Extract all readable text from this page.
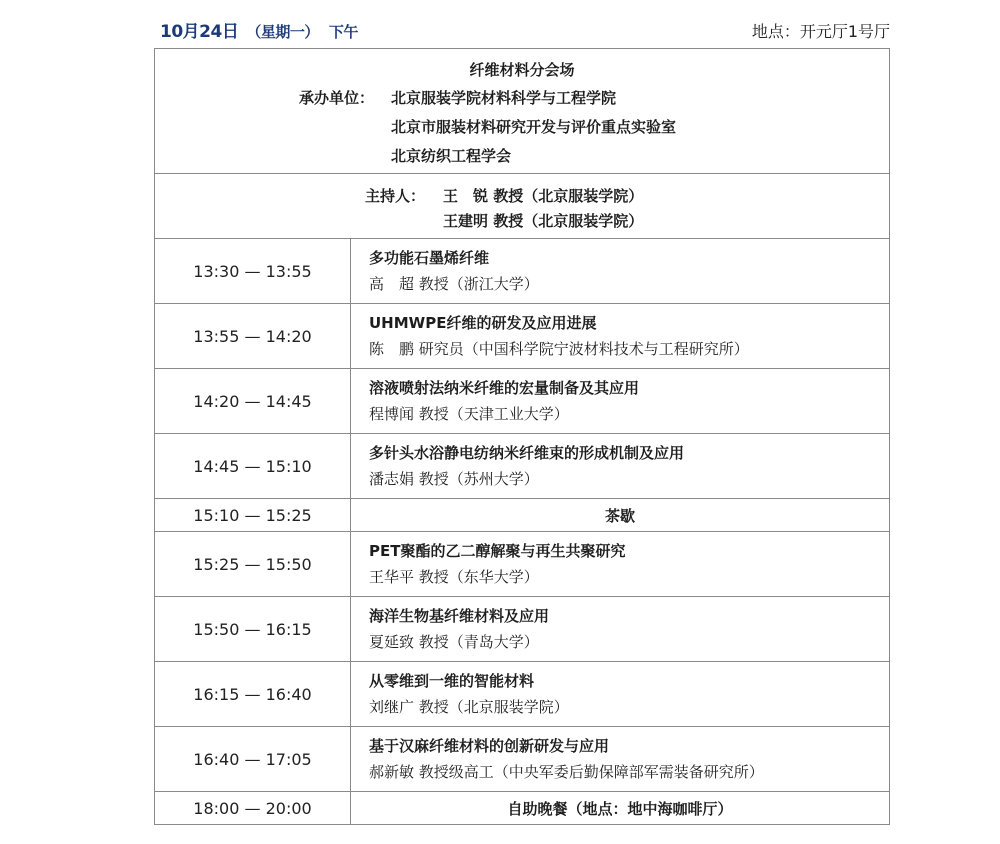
10月24日 （星期一） 下午	地点：开元厅1号厅
纤维材料分会场
承办单位： 北京服装学院材料科学与工程学院
北京市服装材料研究开发与评价重点实验室
北京纺织工程学会	

主持人： 王　锐 教授（北京服装学院）
王建明 教授（北京服装学院）	

13:30 — 13:55	多功能石墨烯纤维
高　超 教授（浙江大学）

13:55 — 14:20	UHMWPE纤维的研发及应用进展
陈　鹏 研究员（中国科学院宁波材料技术与工程研究所）

14:20 — 14:45	溶液喷射法纳米纤维的宏量制备及其应用
程博闻 教授（天津工业大学）

14:45 — 15:10	多针头水浴静电纺纳米纤维束的形成机制及应用
潘志娟 教授（苏州大学）

15:10 — 15:25	茶歇
15:25 — 15:50	PET聚酯的乙二醇解聚与再生共聚研究
王华平 教授（东华大学）

15:50 — 16:15	海洋生物基纤维材料及应用
夏延致 教授（青岛大学）

16:15 — 16:40	从零维到一维的智能材料
刘继广 教授（北京服装学院）

16:40 — 17:05	基于汉麻纤维材料的创新研发与应用
郝新敏 教授级高工（中央军委后勤保障部军需装备研究所）

18:00 — 20:00	自助晚餐（地点：地中海咖啡厅）
